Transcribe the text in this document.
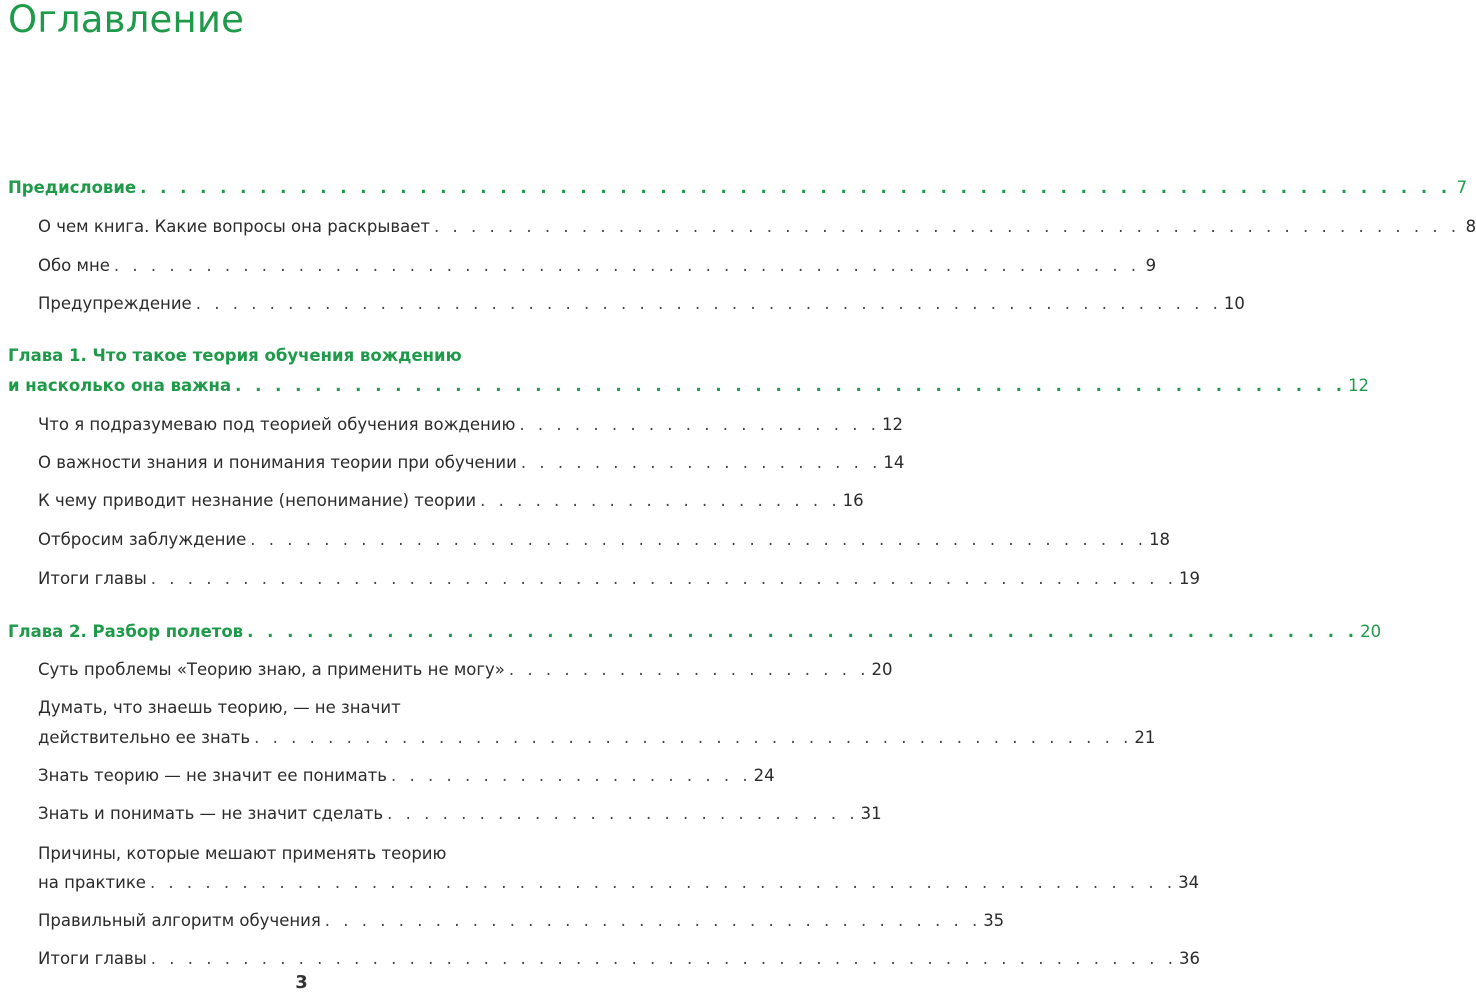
Оглавление
Предисловие . . . . . . . . . . . . . . . . . . . . . . . . . . . . . . . . . . . . . . . . . . . . . . . . . . . . . . . . . . . . . . . . . . 7
О чем книга. Какие вопросы она раскрывает . . . . . . . . . . . . . . . . . . . . . . . . . . . . . . . . . . . . . . . . . . . . . . . . . . . . . . . . 8
Обо мне . . . . . . . . . . . . . . . . . . . . . . . . . . . . . . . . . . . . . . . . . . . . . . . . . . . . . . . . 9
Предупреждение . . . . . . . . . . . . . . . . . . . . . . . . . . . . . . . . . . . . . . . . . . . . . . . . . . . . . . . . 10
Глава 1. Что такое теория обучения вождению
и насколько она важна . . . . . . . . . . . . . . . . . . . . . . . . . . . . . . . . . . . . . . . . . . . . . . . . . . . . . . . . 12
Что я подразумеваю под теорией обучения вождению . . . . . . . . . . . . . . . . . . . . 12
О важности знания и понимания теории при обучении . . . . . . . . . . . . . . . . . . . . 14
К чему приводит незнание (непонимание) теории . . . . . . . . . . . . . . . . . . . . 16
Отбросим заблуждение . . . . . . . . . . . . . . . . . . . . . . . . . . . . . . . . . . . . . . . . . . . . . . . . . 18
Итоги главы . . . . . . . . . . . . . . . . . . . . . . . . . . . . . . . . . . . . . . . . . . . . . . . . . . . . . . . . 19
Глава 2. Разбор полетов . . . . . . . . . . . . . . . . . . . . . . . . . . . . . . . . . . . . . . . . . . . . . . . . . . . . . . . . 20
Суть проблемы «Теорию знаю, а применить не могу» . . . . . . . . . . . . . . . . . . . . 20
Думать, что знаешь теорию, — не значит
действительно ее знать . . . . . . . . . . . . . . . . . . . . . . . . . . . . . . . . . . . . . . . . . . . . . . . . 21
Знать теорию — не значит ее понимать . . . . . . . . . . . . . . . . . . . . 24
Знать и понимать — не значит сделать . . . . . . . . . . . . . . . . . . . . . . . . . . 31
Причины, которые мешают применять теорию
на практике . . . . . . . . . . . . . . . . . . . . . . . . . . . . . . . . . . . . . . . . . . . . . . . . . . . . . . . . 34
Правильный алгоритм обучения . . . . . . . . . . . . . . . . . . . . . . . . . . . . . . . . . . . . 35
Итоги главы . . . . . . . . . . . . . . . . . . . . . . . . . . . . . . . . . . . . . . . . . . . . . . . . . . . . . . . . 36
3
